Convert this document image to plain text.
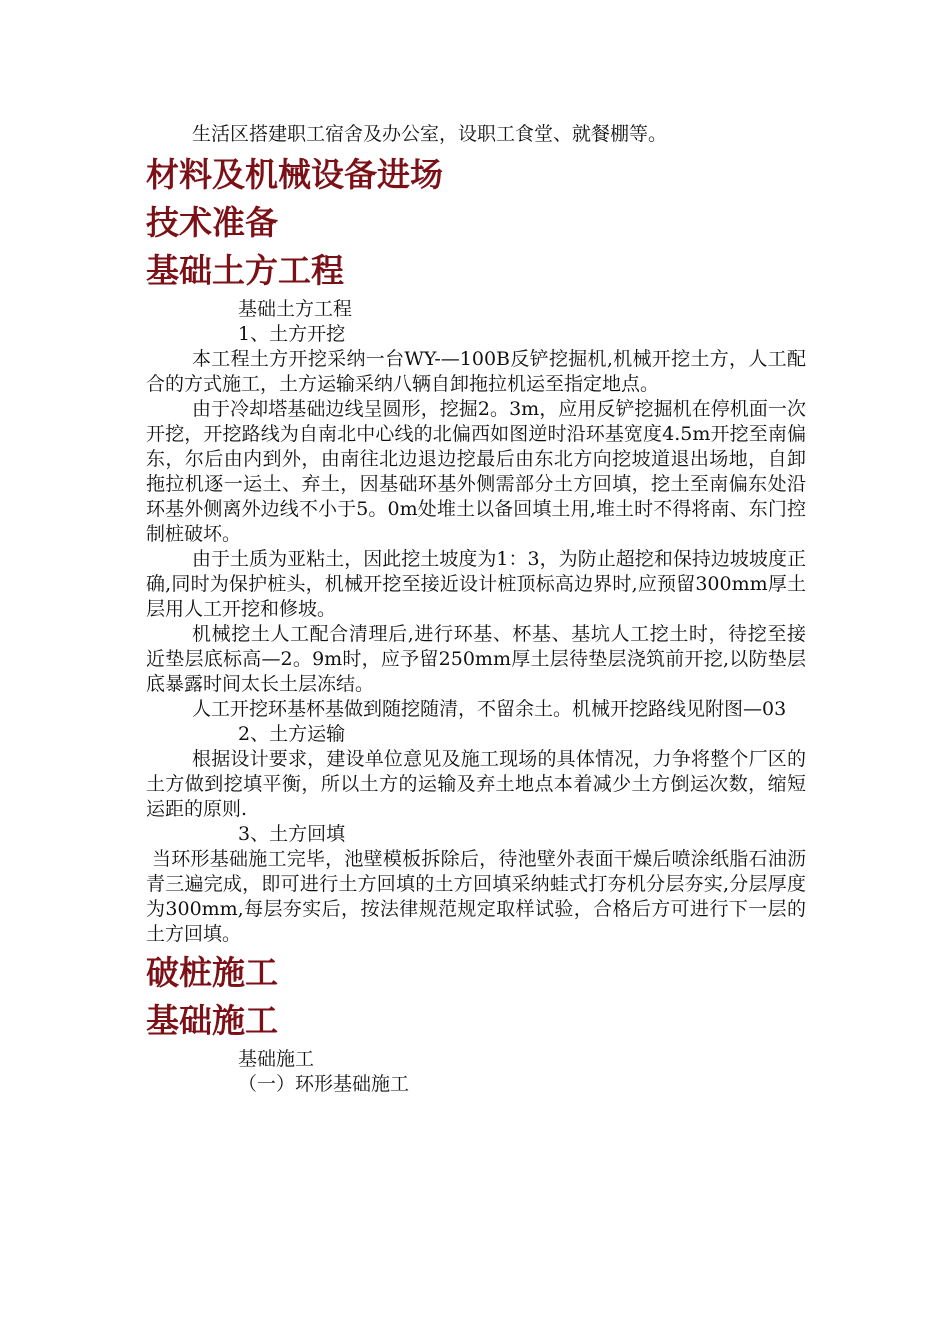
生活区搭建职工宿舍及办公室，设职工食堂、就餐棚等。

材料及机械设备进场
技术准备
基础土方工程

基础土方工程

1、土方开挖

本工程土方开挖采纳一台WY-—100B反铲挖掘机,机械开挖土方，人工配合的方式施工，土方运输采纳八辆自卸拖拉机运至指定地点。

由于冷却塔基础边线呈圆形，挖掘2。3m，应用反铲挖掘机在停机面一次开挖，开挖路线为自南北中心线的北偏西如图逆时沿环基宽度4.5m开挖至南偏东，尔后由内到外，由南往北边退边挖最后由东北方向挖坡道退出场地，自卸拖拉机逐一运土、弃土，因基础环基外侧需部分土方回填，挖土至南偏东处沿环基外侧离外边线不小于5。0m处堆土以备回填土用,堆土时不得将南、东门控制桩破坏。

由于土质为亚粘土，因此挖土坡度为1：3，为防止超挖和保持边坡坡度正确,同时为保护桩头，机械开挖至接近设计桩顶标高边界时,应预留300mm厚土层用人工开挖和修坡。

机械挖土人工配合清理后,进行环基、杯基、基坑人工挖土时，待挖至接近垫层底标高—2。9m时，应予留250mm厚土层待垫层浇筑前开挖,以防垫层底暴露时间太长土层冻结。

人工开挖环基杯基做到随挖随清，不留余土。机械开挖路线见附图—03

2、土方运输

根据设计要求，建设单位意见及施工现场的具体情况，力争将整个厂区的土方做到挖填平衡，所以土方的运输及弃土地点本着减少土方倒运次数，缩短运距的原则.

3、土方回填

当环形基础施工完毕，池壁模板拆除后，待池壁外表面干燥后喷涂纸脂石油沥青三遍完成，即可进行土方回填的土方回填采纳蛙式打夯机分层夯实,分层厚度为300mm,每层夯实后，按法律规范规定取样试验，合格后方可进行下一层的土方回填。

破桩施工
基础施工

基础施工

（一）环形基础施工
